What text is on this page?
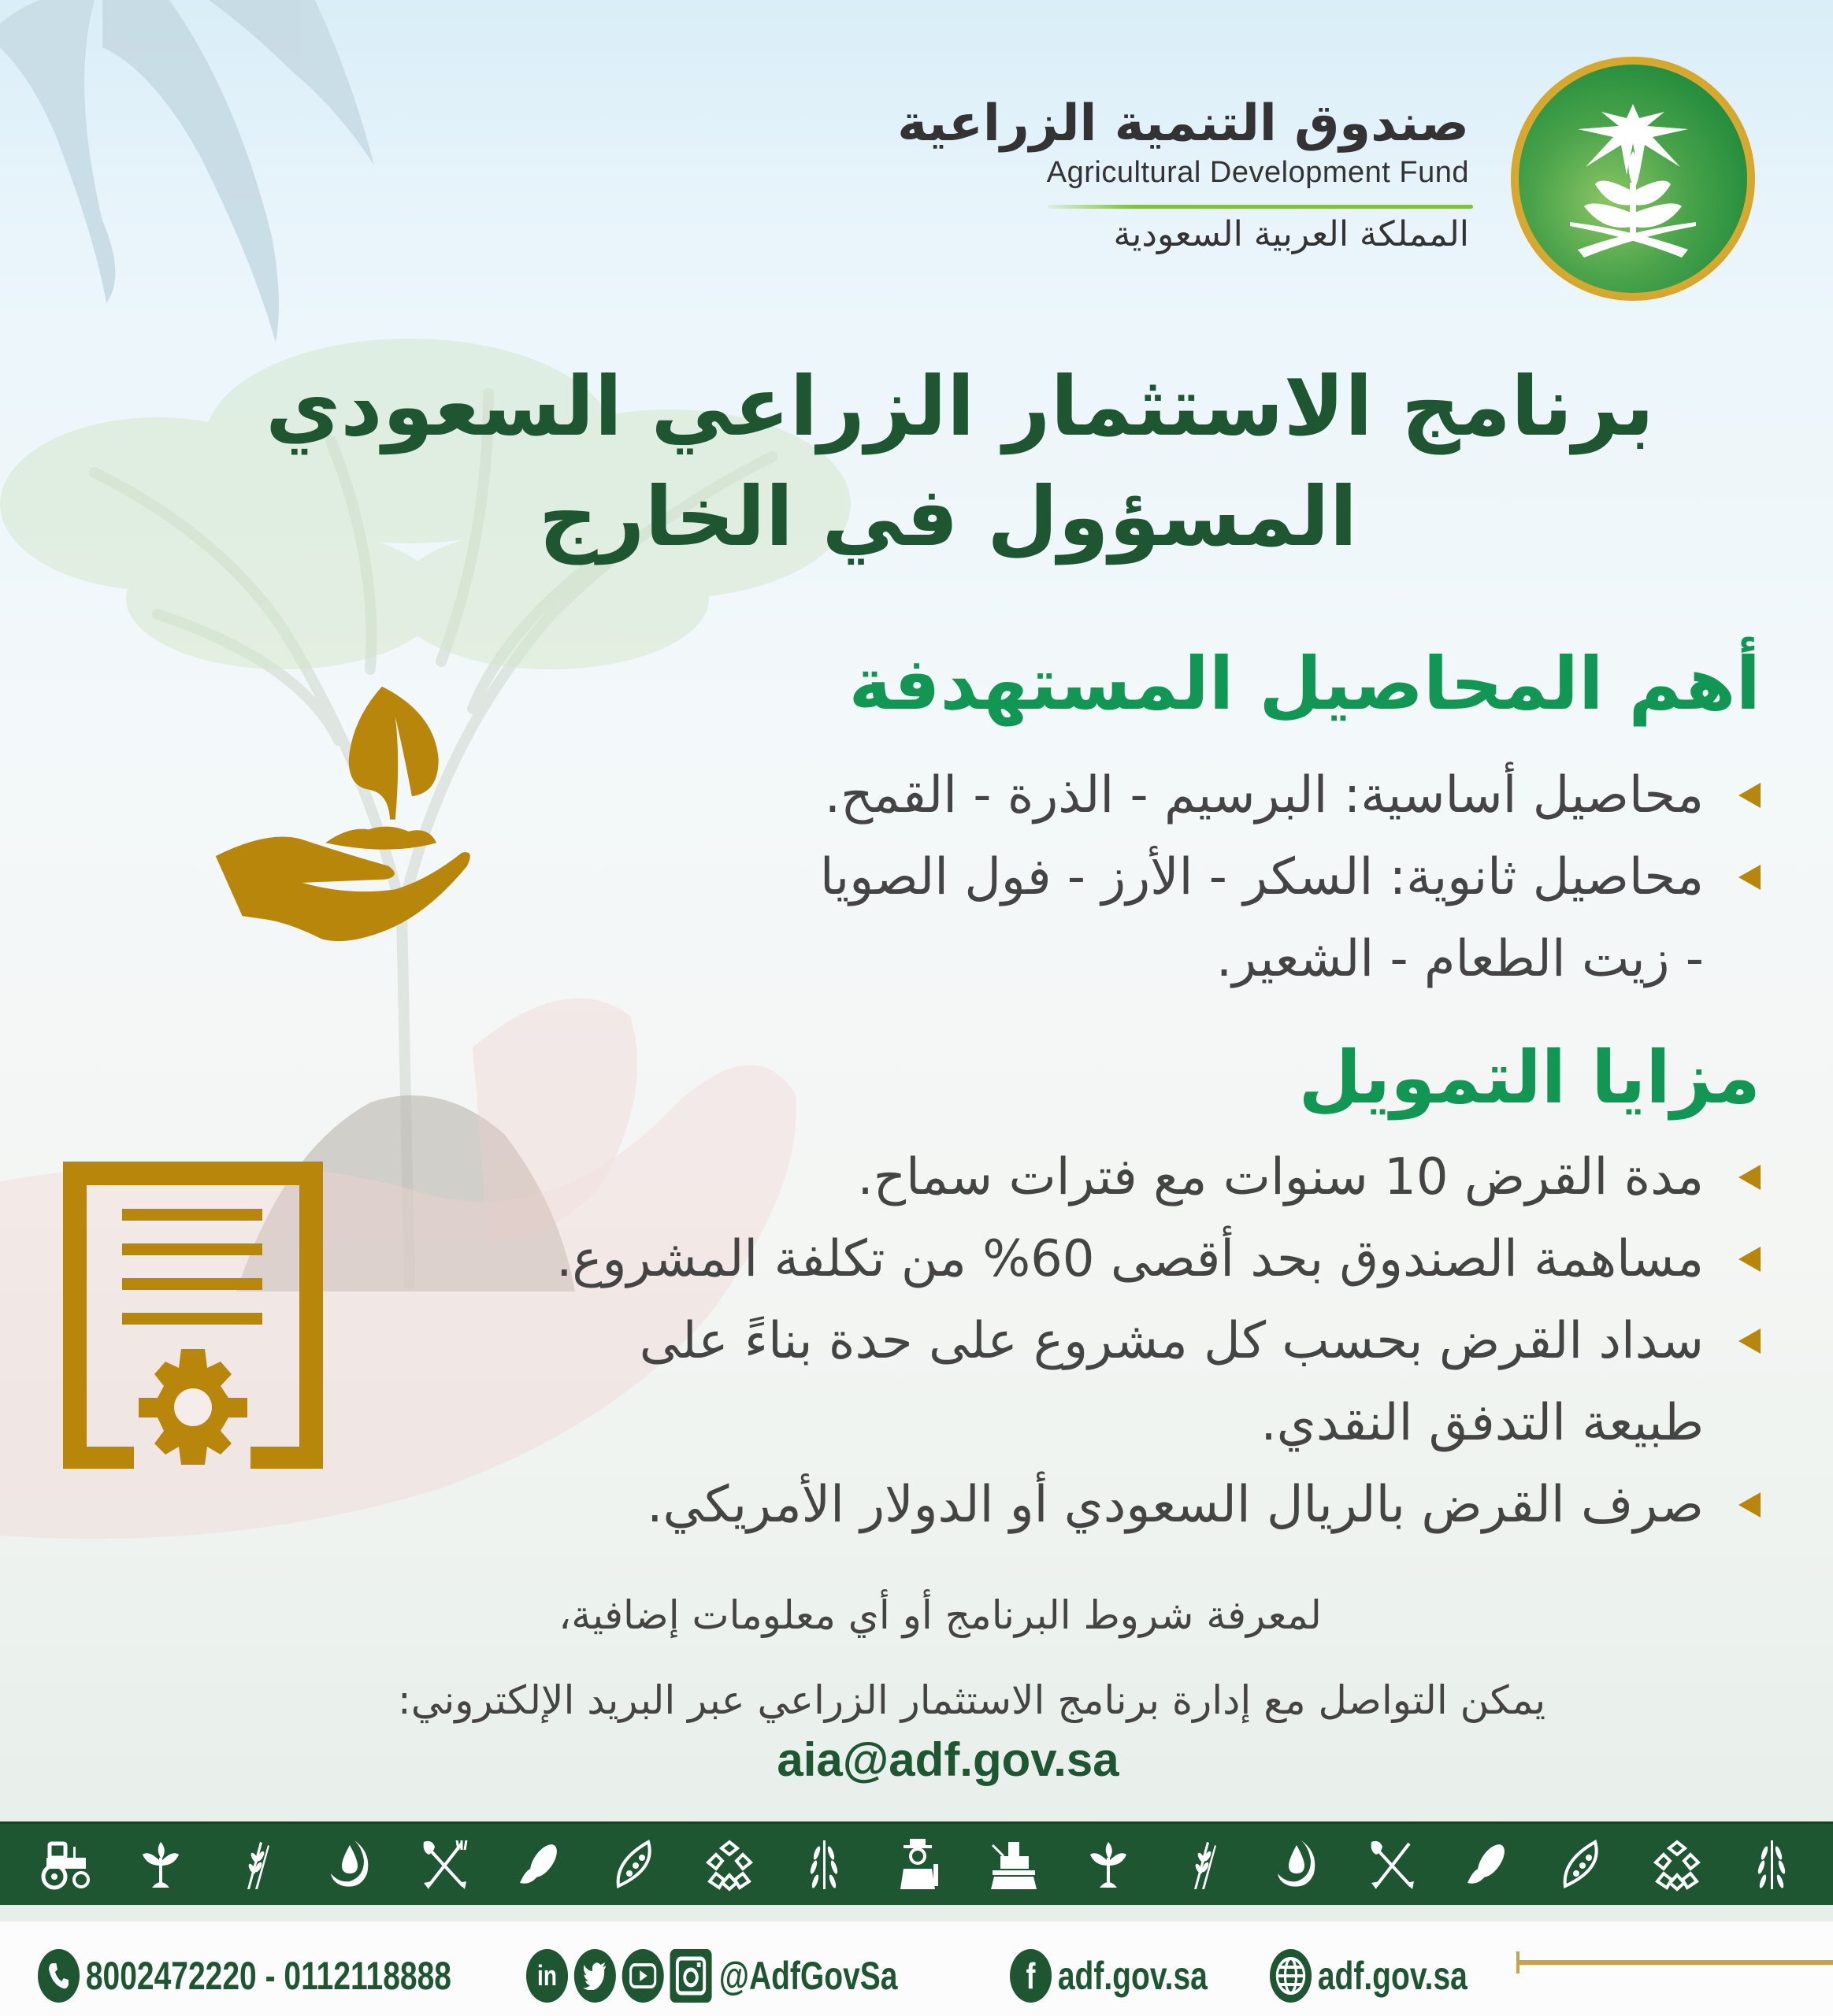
صندوق التنمية الزراعية
Agricultural Development Fund
المملكة العربية السعودية
برنامج الاستثمار الزراعي السعودي
المسؤول في الخارج
أهم المحاصيل المستهدفة
محاصيل أساسية: البرسيم - الذرة - القمح.
محاصيل ثانوية: السكر - الأرز - فول الصويا
- زيت الطعام - الشعير.
مزايا التمويل
مدة القرض 10 سنوات مع فترات سماح.
مساهمة الصندوق بحد أقصى 60% من تكلفة المشروع.
سداد القرض بحسب كل مشروع على حدة بناءً على
طبيعة التدفق النقدي.
صرف القرض بالريال السعودي أو الدولار الأمريكي.
لمعرفة شروط البرنامج أو أي معلومات إضافية،
يمكن التواصل مع إدارة برنامج الاستثمار الزراعي عبر البريد الإلكتروني:
aia@adf.gov.sa
8002472220 - 0112118888	in	@AdfGovSa	f adf.gov.sa	adf.gov.sa
